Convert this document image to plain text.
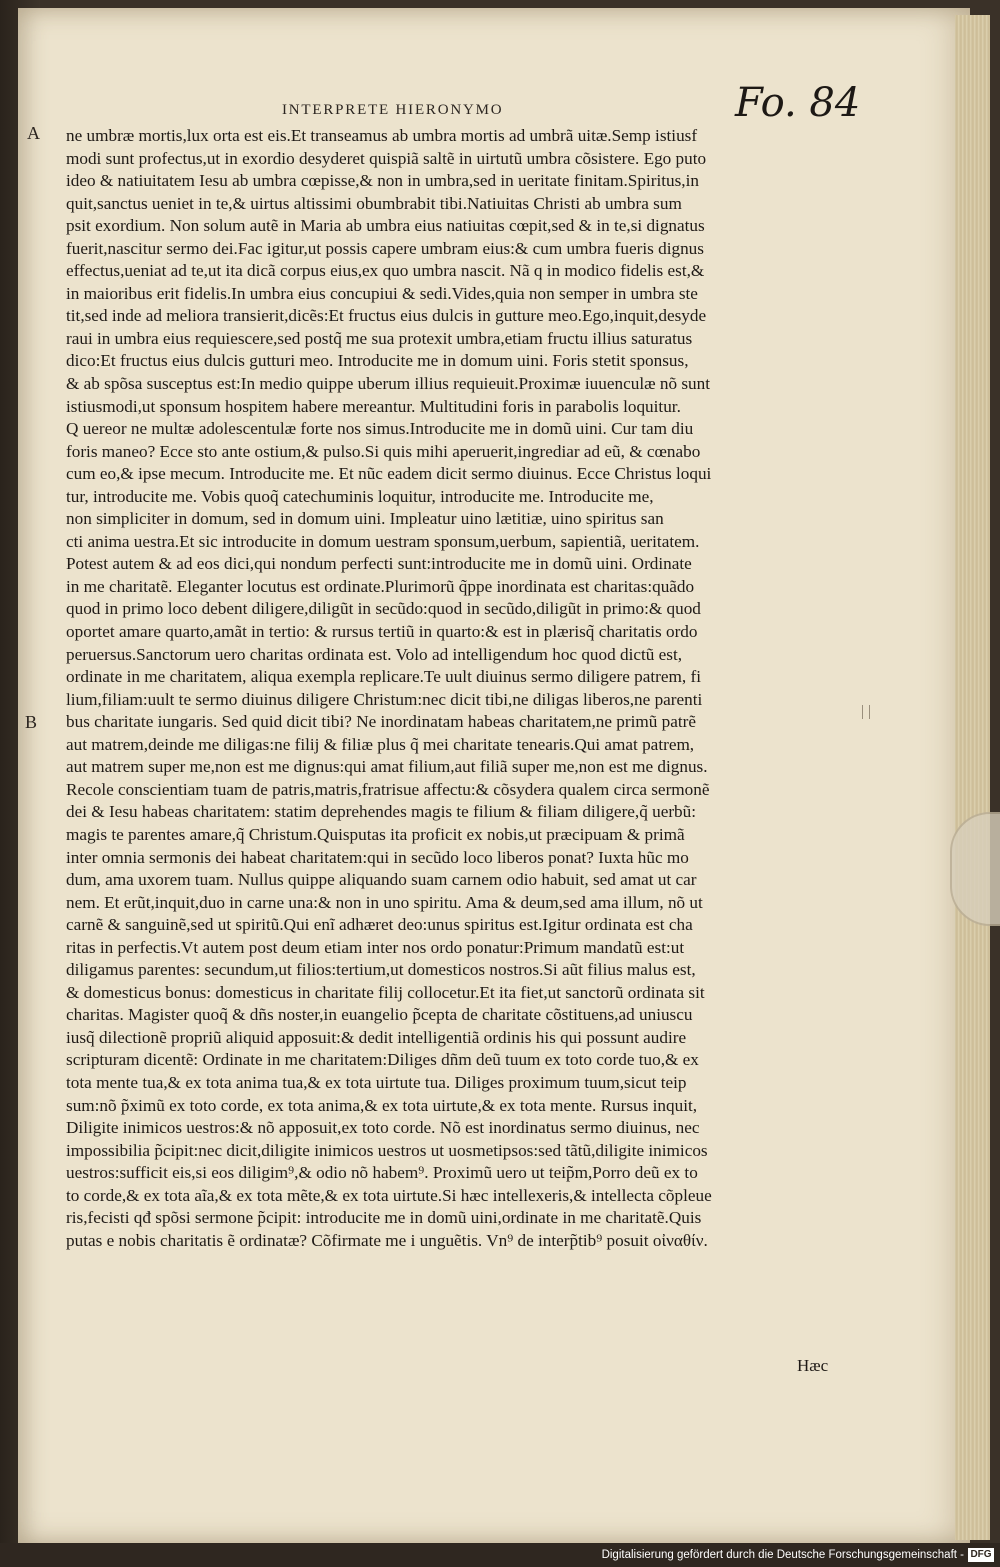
INTERPRETE HIERONYMO	Fo. 84
A
B
ne umbræ mortis,lux orta est eis.Et transeamus ab umbra mortis ad umbrã uitæ.Semp istiusf
modi sunt profectus,ut in exordio desyderet quispiã saltẽ in uirtutũ umbra cõsistere. Ego puto
ideo & natiuitatem Iesu ab umbra cœpisse,& non in umbra,sed in ueritate finitam.Spiritus,in
quit,sanctus ueniet in te,& uirtus altissimi obumbrabit tibi.Natiuitas Christi ab umbra sum
psit exordium. Non solum autẽ in Maria ab umbra eius natiuitas cœpit,sed & in te,si dignatus
fuerit,nascitur sermo dei.Fac igitur,ut possis capere umbram eius:& cum umbra fueris dignus
effectus,ueniat ad te,ut ita dicã corpus eius,ex quo umbra nascit. Nã q in modico fidelis est,&
in maioribus erit fidelis.In umbra eius concupiui & sedi.Vides,quia non semper in umbra ste
tit,sed inde ad meliora transierit,dicẽs:Et fructus eius dulcis in gutture meo.Ego,inquit,desyde
raui in umbra eius requiescere,sed postq̃ me sua protexit umbra,etiam fructu illius saturatus
dico:Et fructus eius dulcis gutturi meo. Introducite me in domum uini. Foris stetit sponsus,
& ab spõsa susceptus est:In medio quippe uberum illius requieuit.Proximæ iuuenculæ nõ sunt
istiusmodi,ut sponsum hospitem habere mereantur. Multitudini foris in parabolis loquitur.
Q uereor ne multæ adolescentulæ forte nos simus.Introducite me in domũ uini. Cur tam diu
foris maneo? Ecce sto ante ostium,& pulso.Si quis mihi aperuerit,ingrediar ad eũ, & cœnabo
cum eo,& ipse mecum. Introducite me. Et nũc eadem dicit sermo diuinus. Ecce Christus loqui
tur, introducite me. Vobis quoq̃ catechuminis loquitur, introducite me. Introducite me,
non simpliciter in domum, sed in domum uini. Impleatur uino lætitiæ, uino spiritus san
cti anima uestra.Et sic introducite in domum uestram sponsum,uerbum, sapientiã, ueritatem.
Potest autem & ad eos dici,qui nondum perfecti sunt:introducite me in domũ uini. Ordinate
in me charitatẽ. Eleganter locutus est ordinate.Plurimorũ q̃ppe inordinata est charitas:quãdo
quod in primo loco debent diligere,diligũt in secũdo:quod in secũdo,diligũt in primo:& quod
oportet amare quarto,amãt in tertio: & rursus tertiũ in quarto:& est in plærisq̃ charitatis ordo
peruersus.Sanctorum uero charitas ordinata est. Volo ad intelligendum hoc quod dictũ est,
ordinate in me charitatem, aliqua exempla replicare.Te uult diuinus sermo diligere patrem, fi
lium,filiam:uult te sermo diuinus diligere Christum:nec dicit tibi,ne diligas liberos,ne parenti
bus charitate iungaris. Sed quid dicit tibi? Ne inordinatam habeas charitatem,ne primũ patrẽ
aut matrem,deinde me diligas:ne filij & filiæ plus q̃ mei charitate tenearis.Qui amat patrem,
aut matrem super me,non est me dignus:qui amat filium,aut filiã super me,non est me dignus.
Recole conscientiam tuam de patris,matris,fratrisue affectu:& cõsydera qualem circa sermonẽ
dei & Iesu habeas charitatem: statim deprehendes magis te filium & filiam diligere,q̃ uerbũ:
magis te parentes amare,q̃ Christum.Quisputas ita proficit ex nobis,ut præcipuam & primã
inter omnia sermonis dei habeat charitatem:qui in secũdo loco liberos ponat? Iuxta hũc mo
dum, ama uxorem tuam. Nullus quippe aliquando suam carnem odio habuit, sed amat ut car
nem. Et erũt,inquit,duo in carne una:& non in uno spiritu. Ama & deum,sed ama illum, nõ ut
carnẽ & sanguinẽ,sed ut spiritũ.Qui enĩ adhæret deo:unus spiritus est.Igitur ordinata est cha
ritas in perfectis.Vt autem post deum etiam inter nos ordo ponatur:Primum mandatũ est:ut
diligamus parentes: secundum,ut filios:tertium,ut domesticos nostros.Si aũt filius malus est,
& domesticus bonus: domesticus in charitate filij collocetur.Et ita fiet,ut sanctorũ ordinata sit
charitas. Magister quoq̃ & dñs noster,in euangelio p̃cepta de charitate cõstituens,ad uniuscu
iusq̃ dilectionẽ propriũ aliquid apposuit:& dedit intelligentiã ordinis his qui possunt audire
scripturam dicentẽ: Ordinate in me charitatem:Diliges dñm deũ tuum ex toto corde tuo,& ex
tota mente tua,& ex tota anima tua,& ex tota uirtute tua. Diliges proximum tuum,sicut teip
sum:nõ p̃ximũ ex toto corde, ex tota anima,& ex tota uirtute,& ex tota mente. Rursus inquit,
Diligite inimicos uestros:& nõ apposuit,ex toto corde. Nõ est inordinatus sermo diuinus, nec
impossibilia p̃cipit:nec dicit,diligite inimicos uestros ut uosmetipsos:sed tãtũ,diligite inimicos
uestros:sufficit eis,si eos diligim⁹,& odio nõ habem⁹. Proximũ uero ut teip̃m,Porro deũ ex to
to corde,& ex tota aĩa,& ex tota mẽte,& ex tota uirtute.Si hæc intellexeris,& intellecta cõpleue
ris,fecisti qđ spõsi sermone p̃cipit: introducite me in domũ uini,ordinate in me charitatẽ.Quis
putas e nobis charitatis ẽ ordinatæ? Cõfirmate me i unguẽtis. Vn⁹ de interp̃tib⁹ posuit οἰναθίν.
Hæc
Digitalisierung gefördert durch die Deutsche Forschungsgemeinschaft - DFG
